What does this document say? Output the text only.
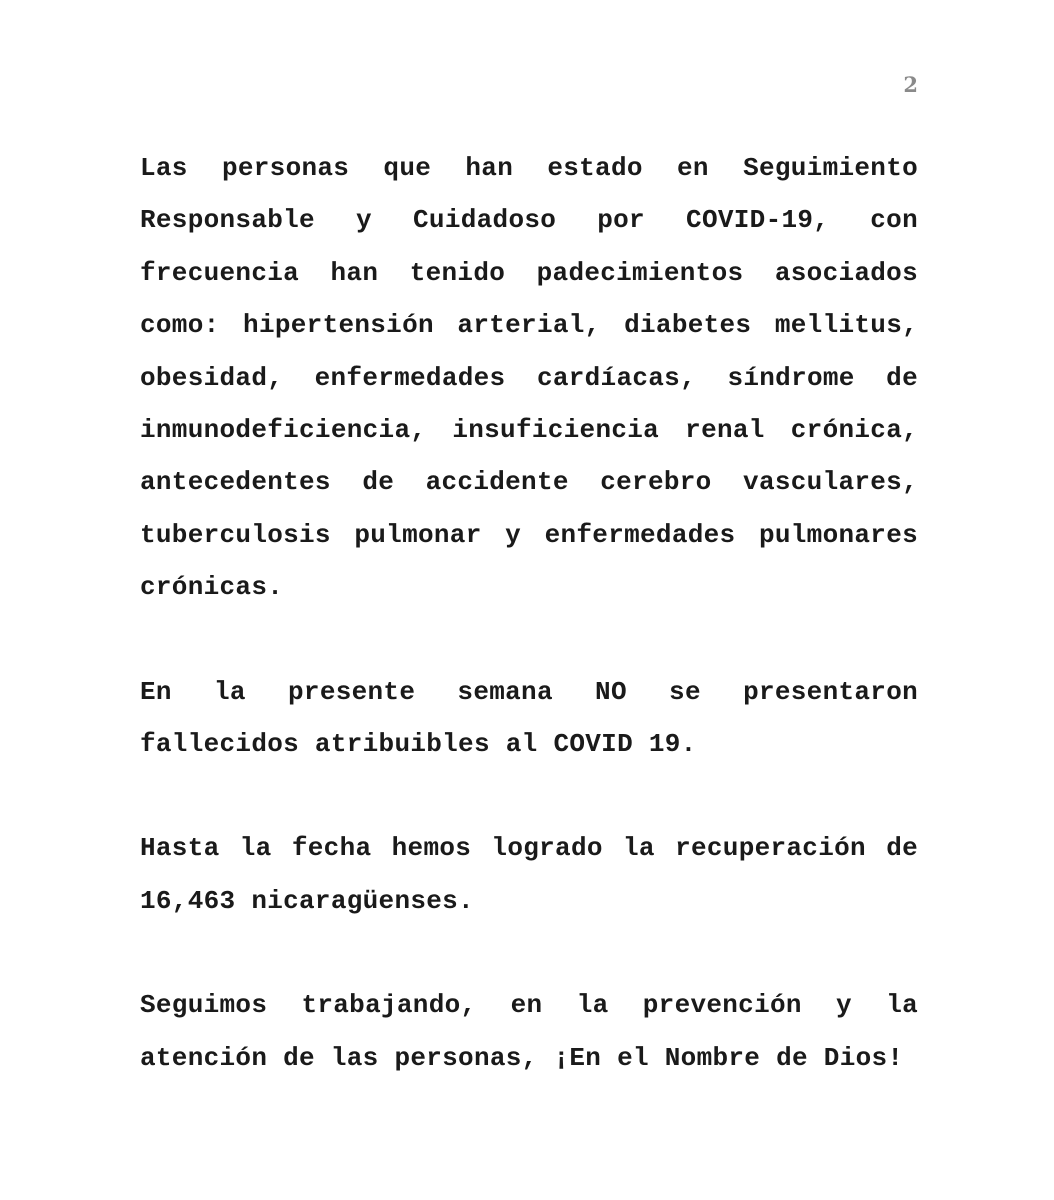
2

Las personas que han estado en Seguimiento Responsable y Cuidadoso por COVID-19, con frecuencia han tenido padecimientos asociados como: hipertensión arterial, diabetes mellitus, obesidad, enfermedades cardíacas, síndrome de inmunodeficiencia, insuficiencia renal crónica, antecedentes de accidente cerebro vasculares, tuberculosis pulmonar y enfermedades pulmonares crónicas.

En la presente semana NO se presentaron fallecidos atribuibles al COVID 19.

Hasta la fecha hemos logrado la recuperación de 16,463 nicaragüenses.

Seguimos trabajando, en la prevención y la atención de las personas, ¡En el Nombre de Dios!
